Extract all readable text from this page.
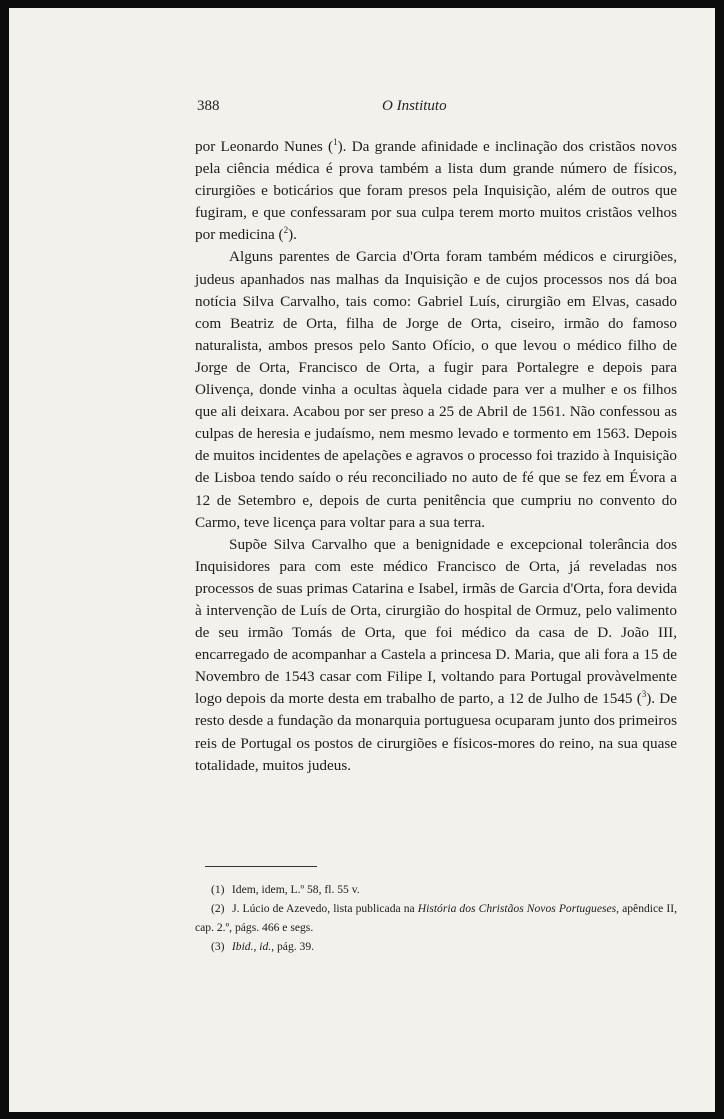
388	O Instituto

por Leonardo Nunes ($^1$). Da grande afinidade e inclinação dos cristãos novos pela ciência médica é prova também a lista dum grande número de físicos, cirurgiões e boticários que foram presos pela Inquisição, além de outros que fugiram, e que confessaram por sua culpa terem morto muitos cristãos velhos por medicina ($^2$).

Alguns parentes de Garcia d'Orta foram também médicos e cirurgiões, judeus apanhados nas malhas da Inquisição e de cujos processos nos dá boa notícia Silva Carvalho, tais como: Gabriel Luís, cirurgião em Elvas, casado com Beatriz de Orta, filha de Jorge de Orta, ciseiro, irmão do famoso naturalista, ambos presos pelo Santo Ofício, o que levou o médico filho de Jorge de Orta, Francisco de Orta, a fugir para Portalegre e depois para Olivença, donde vinha a ocultas àquela cidade para ver a mulher e os filhos que ali deixara. Acabou por ser preso a 25 de Abril de 1561. Não confessou as culpas de heresia e judaísmo, nem mesmo levado e tormento em 1563. Depois de muitos incidentes de apelações e agravos o processo foi trazido à Inquisição de Lisboa tendo saído o réu reconciliado no auto de fé que se fez em Évora a 12 de Setembro e, depois de curta penitência que cumpriu no convento do Carmo, teve licença para voltar para a sua terra.

Supõe Silva Carvalho que a benignidade e excepcional tolerância dos Inquisidores para com este médico Francisco de Orta, já reveladas nos processos de suas primas Catarina e Isabel, irmãs de Garcia d'Orta, fora devida à intervenção de Luís de Orta, cirurgião do hospital de Ormuz, pelo valimento de seu irmão Tomás de Orta, que foi médico da casa de D. João III, encarregado de acompanhar a Castela a princesa D. Maria, que ali fora a 15 de Novembro de 1543 casar com Filipe I, voltando para Portugal provàvelmente logo depois da morte desta em trabalho de parto, a 12 de Julho de 1545 ($^3$). De resto desde a fundação da monarquia portuguesa ocuparam junto dos primeiros reis de Portugal os postos de cirurgiões e físicos-mores do reino, na sua quase totalidade, muitos judeus.

(1) Idem, idem, L.º 58, fl. 55 v.

(2) J. Lúcio de Azevedo, lista publicada na História dos Christãos Novos Portugueses, apêndice II, cap. 2.º, págs. 466 e segs.

(3) Ibid., id., pág. 39.
